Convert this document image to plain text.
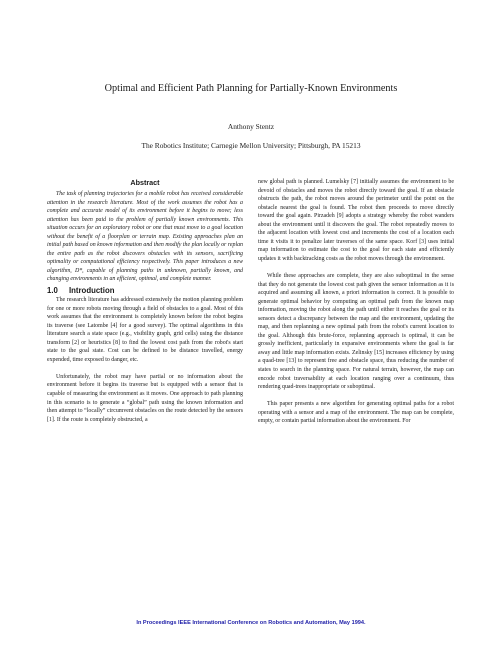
Optimal and Efficient Path Planning for Partially-Known Environments
Anthony Stentz
The Robotics Institute; Carnegie Mellon University; Pittsburgh, PA 15213
Abstract

The task of planning trajectories for a mobile robot has received considerable attention in the research literature. Most of the work assumes the robot has a complete and accurate model of its environment before it begins to move; less attention has been paid to the problem of partially known environments. This situation occurs for an exploratory robot or one that must move to a goal location without the benefit of a floorplan or terrain map. Existing approaches plan an initial path based on known information and then modify the plan locally or replan the entire path as the robot discovers obstacles with its sensors, sacrificing optimality or computational efficiency respectively. This paper introduces a new algorithm, D*, capable of planning paths in unknown, partially known, and changing environments in an efficient, optimal, and complete manner.

1.0 Introduction

The research literature has addressed extensively the motion planning problem for one or more robots moving through a field of obstacles to a goal. Most of this work assumes that the environment is completely known before the robot begins its traverse (see Latombe [4] for a good survey). The optimal algorithms in this literature search a state space (e.g., visibility graph, grid cells) using the distance transform [2] or heuristics [8] to find the lowest cost path from the robot's start state to the goal state. Cost can be defined to be distance travelled, energy expended, time exposed to danger, etc.

Unfortunately, the robot may have partial or no information about the environment before it begins its traverse but is equipped with a sensor that is capable of measuring the environment as it moves. One approach to path planning in this scenario is to generate a “global” path using the known information and then attempt to “locally” circumvent obstacles on the route detected by the sensors [1]. If the route is completely obstructed, a

new global path is planned. Lumelsky [7] initially assumes the environment to be devoid of obstacles and moves the robot directly toward the goal. If an obstacle obstructs the path, the robot moves around the perimeter until the point on the obstacle nearest the goal is found. The robot then proceeds to move directly toward the goal again. Pirzadeh [9] adopts a strategy whereby the robot wanders about the environment until it discovers the goal. The robot repeatedly moves to the adjacent location with lowest cost and increments the cost of a location each time it visits it to penalize later traverses of the same space. Korf [3] uses initial map information to estimate the cost to the goal for each state and efficiently updates it with backtracking costs as the robot moves through the environment.

While these approaches are complete, they are also suboptimal in the sense that they do not generate the lowest cost path given the sensor information as it is acquired and assuming all known, a priori information is correct. It is possible to generate optimal behavior by computing an optimal path from the known map information, moving the robot along the path until either it reaches the goal or its sensors detect a discrepancy between the map and the environment, updating the map, and then replanning a new optimal path from the robot's current location to the goal. Although this brute-force, replanning approach is optimal, it can be grossly inefficient, particularly in expansive environments where the goal is far away and little map information exists. Zelinsky [15] increases efficiency by using a quad-tree [13] to represent free and obstacle space, thus reducing the number of states to search in the planning space. For natural terrain, however, the map can encode robot traversability at each location ranging over a continuum, thus rendering quad-trees inappropriate or suboptimal.

This paper presents a new algorithm for generating optimal paths for a robot operating with a sensor and a map of the environment. The map can be complete, empty, or contain partial information about the environment. For

In Proceedings IEEE International Conference on Robotics and Automation, May 1994.
